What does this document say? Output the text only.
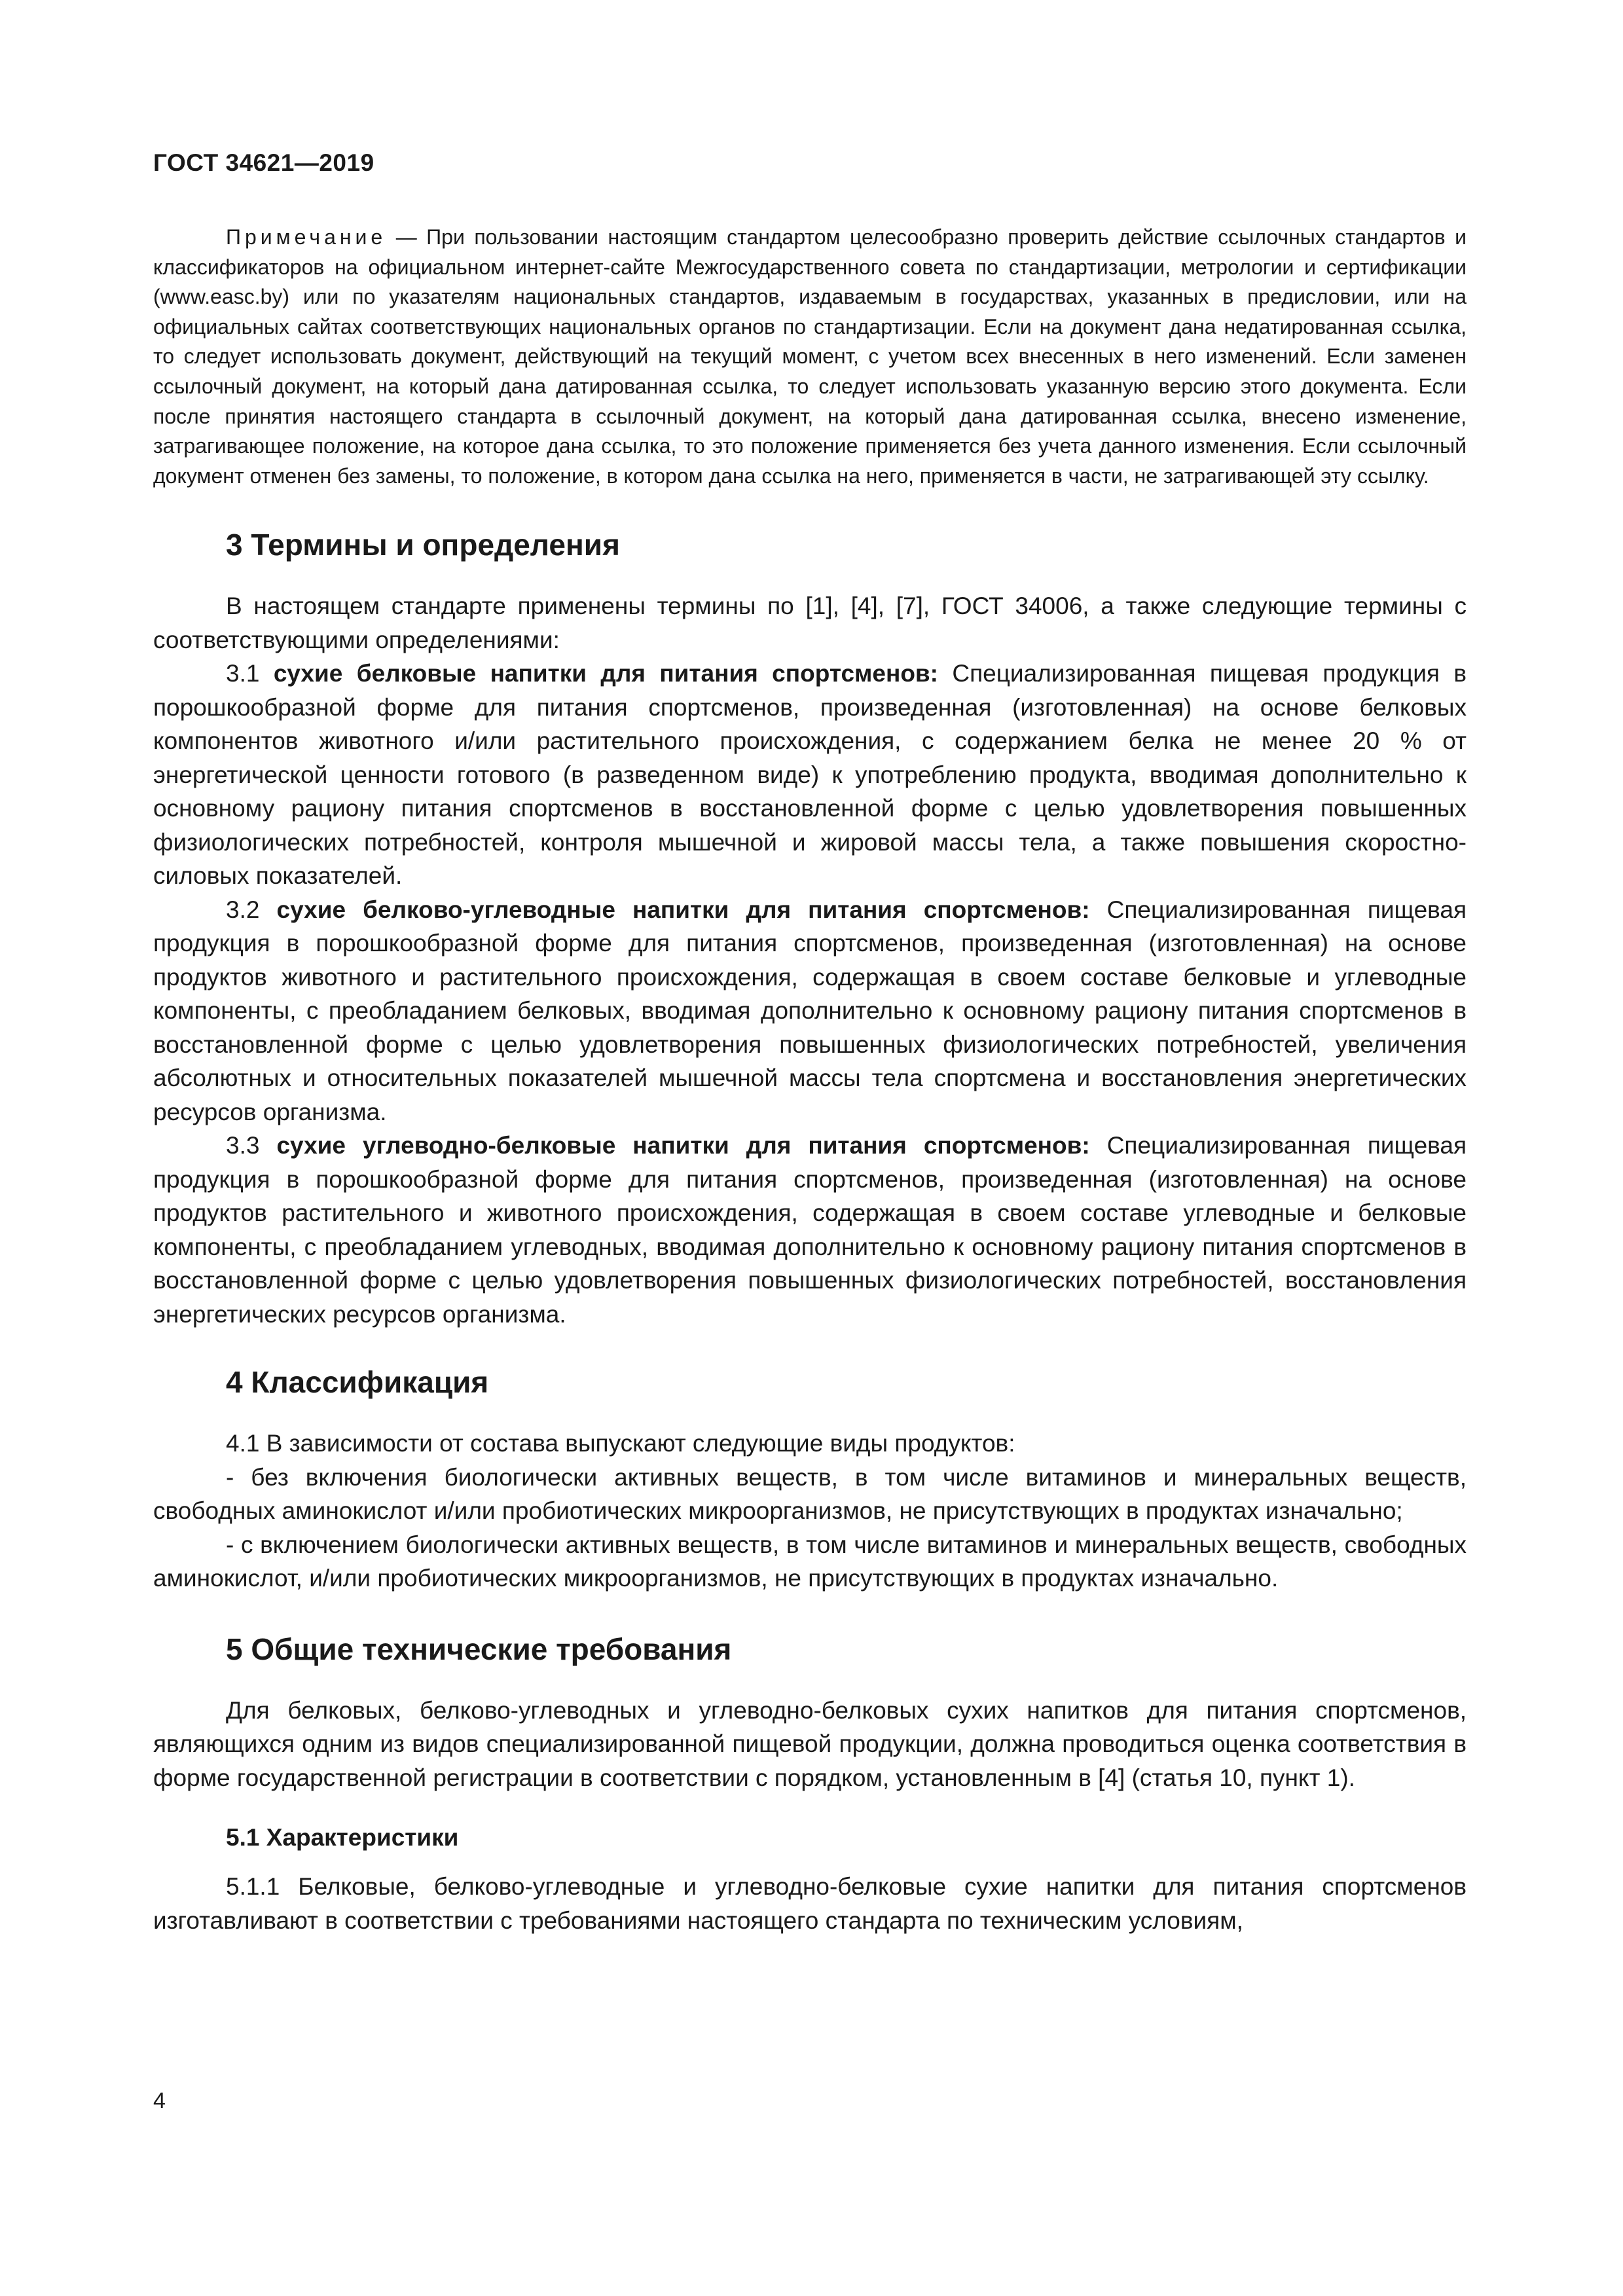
ГОСТ 34621—2019

Примечание — При пользовании настоящим стандартом целесообразно проверить действие ссылочных стандартов и классификаторов на официальном интернет-сайте Межгосударственного совета по стандартизации, метрологии и сертификации (www.easc.by) или по указателям национальных стандартов, издаваемым в государствах, указанных в предисловии, или на официальных сайтах соответствующих национальных органов по стандартизации. Если на документ дана недатированная ссылка, то следует использовать документ, действующий на текущий момент, с учетом всех внесенных в него изменений. Если заменен ссылочный документ, на который дана датированная ссылка, то следует использовать указанную версию этого документа. Если после принятия настоящего стандарта в ссылочный документ, на который дана датированная ссылка, внесено изменение, затрагивающее положение, на которое дана ссылка, то это положение применяется без учета данного изменения. Если ссылочный документ отменен без замены, то положение, в котором дана ссылка на него, применяется в части, не затрагивающей эту ссылку.

3 Термины и определения

В настоящем стандарте применены термины по [1], [4], [7], ГОСТ 34006, а также следующие термины с соответствующими определениями:

3.1 сухие белковые напитки для питания спортсменов: Специализированная пищевая продукция в порошкообразной форме для питания спортсменов, произведенная (изготовленная) на основе белковых компонентов животного и/или растительного происхождения, с содержанием белка не менее 20 % от энергетической ценности готового (в разведенном виде) к употреблению продукта, вводимая дополнительно к основному рациону питания спортсменов в восстановленной форме с целью удовлетворения повышенных физиологических потребностей, контроля мышечной и жировой массы тела, а также повышения скоростно-силовых показателей.

3.2 сухие белково-углеводные напитки для питания спортсменов: Специализированная пищевая продукция в порошкообразной форме для питания спортсменов, произведенная (изготовленная) на основе продуктов животного и растительного происхождения, содержащая в своем составе белковые и углеводные компоненты, с преобладанием белковых, вводимая дополнительно к основному рациону питания спортсменов в восстановленной форме с целью удовлетворения повышенных физиологических потребностей, увеличения абсолютных и относительных показателей мышечной массы тела спортсмена и восстановления энергетических ресурсов организма.

3.3 сухие углеводно-белковые напитки для питания спортсменов: Специализированная пищевая продукция в порошкообразной форме для питания спортсменов, произведенная (изготовленная) на основе продуктов растительного и животного происхождения, содержащая в своем составе углеводные и белковые компоненты, с преобладанием углеводных, вводимая дополнительно к основному рациону питания спортсменов в восстановленной форме с целью удовлетворения повышенных физиологических потребностей, восстановления энергетических ресурсов организма.

4 Классификация

4.1 В зависимости от состава выпускают следующие виды продуктов:

- без включения биологически активных веществ, в том числе витаминов и минеральных веществ, свободных аминокислот и/или пробиотических микроорганизмов, не присутствующих в продуктах изначально;

- с включением биологически активных веществ, в том числе витаминов и минеральных веществ, свободных аминокислот, и/или пробиотических микроорганизмов, не присутствующих в продуктах изначально.

5 Общие технические требования

Для белковых, белково-углеводных и углеводно-белковых сухих напитков для питания спортсменов, являющихся одним из видов специализированной пищевой продукции, должна проводиться оценка соответствия в форме государственной регистрации в соответствии с порядком, установленным в [4] (статья 10, пункт 1).

5.1 Характеристики

5.1.1 Белковые, белково-углеводные и углеводно-белковые сухие напитки для питания спортсменов изготавливают в соответствии с требованиями настоящего стандарта по техническим условиям,

4
